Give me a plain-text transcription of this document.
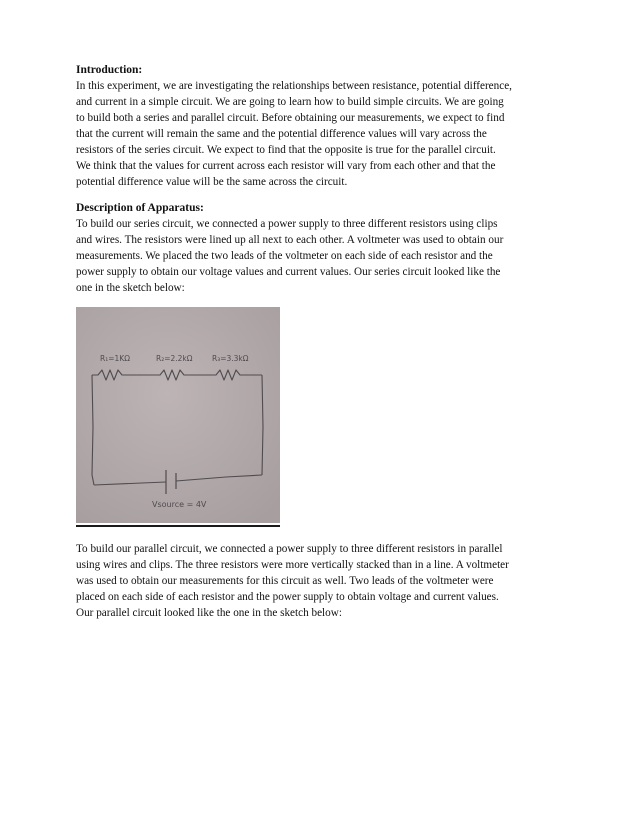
Introduction:

In this experiment, we are investigating the relationships between resistance, potential difference,

and current in a simple circuit. We are going to learn how to build simple circuits. We are going

to build both a series and parallel circuit. Before obtaining our measurements, we expect to find

that the current will remain the same and the potential difference values will vary across the

resistors of the series circuit. We expect to find that the opposite is true for the parallel circuit.

We think that the values for current across each resistor will vary from each other and that the

potential difference value will be the same across the circuit.

Description of Apparatus:

To build our series circuit, we connected a power supply to three different resistors using clips

and wires. The resistors were lined up all next to each other. A voltmeter was used to obtain our

measurements. We placed the two leads of the voltmeter on each side of each resistor and the

power supply to obtain our voltage values and current values. Our series circuit looked like the

one in the sketch below:

R₁=1KΩ	R₂=2.2kΩ	R₃=3.3kΩ
Vsource = 4V

To build our parallel circuit, we connected a power supply to three different resistors in parallel

using wires and clips. The three resistors were more vertically stacked than in a line. A voltmeter

was used to obtain our measurements for this circuit as well. Two leads of the voltmeter were

placed on each side of each resistor and the power supply to obtain voltage and current values.

Our parallel circuit looked like the one in the sketch below:
